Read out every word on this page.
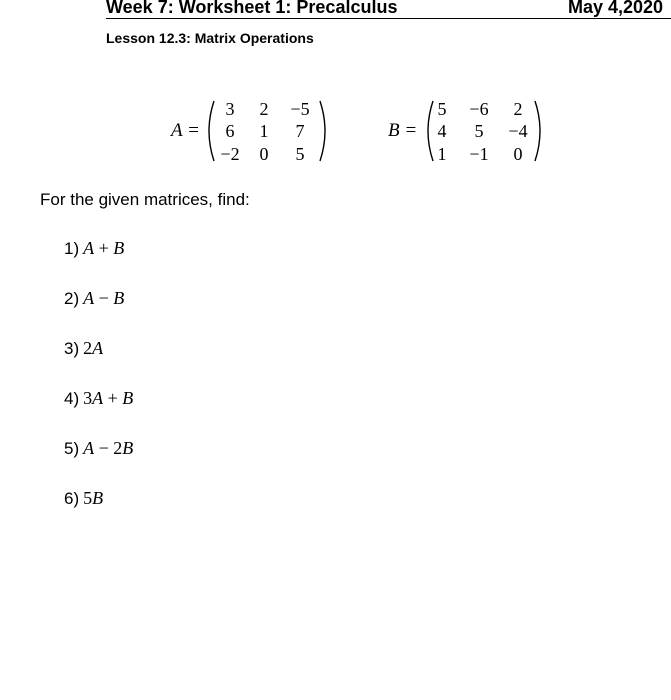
Week 7: Worksheet 1: Precalculus	May 4,2020
Lesson 12.3: Matrix Operations
A =
3	2	−5
6	1	7
−2	0	5
B =
5	−6	2
4	5	−4
1	−1	0
For the given matrices, find:
1) A + B
2) A − B
3) 2A
4) 3A + B
5) A − 2B
6) 5B
